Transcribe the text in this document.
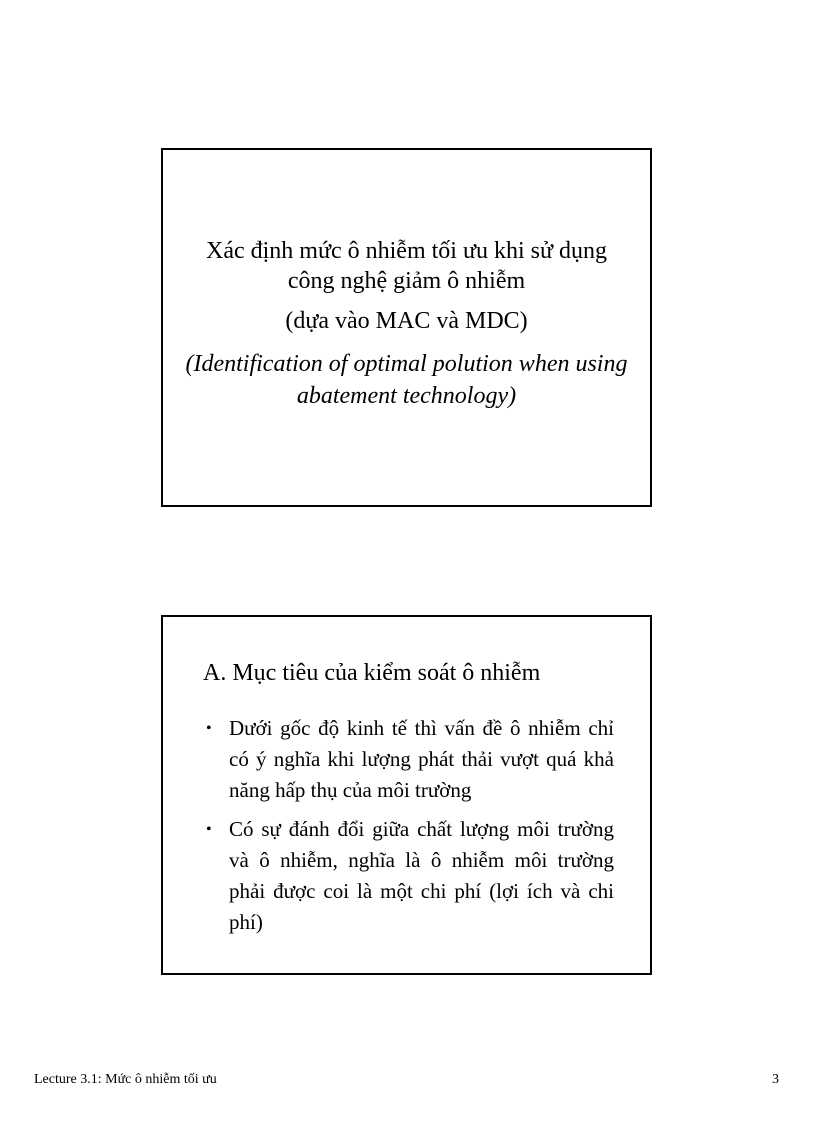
Xác định mức ô nhiễm tối ưu khi sử dụng công nghệ giảm ô nhiễm

(dựa vào MAC và MDC)

(Identification of optimal polution when using abatement technology)

A. Mục tiêu của kiểm soát ô nhiễm
• Dưới gốc độ kinh tế thì vấn đề ô nhiễm chỉ có ý nghĩa khi lượng phát thải vượt quá khả năng hấp thụ của môi trường
• Có sự đánh đổi giữa chất lượng môi trường và ô nhiễm, nghĩa là ô nhiễm môi trường phải được coi là một chi phí (lợi ích và chi phí)
Lecture 3.1: Mức ô nhiễm tối ưu	3
